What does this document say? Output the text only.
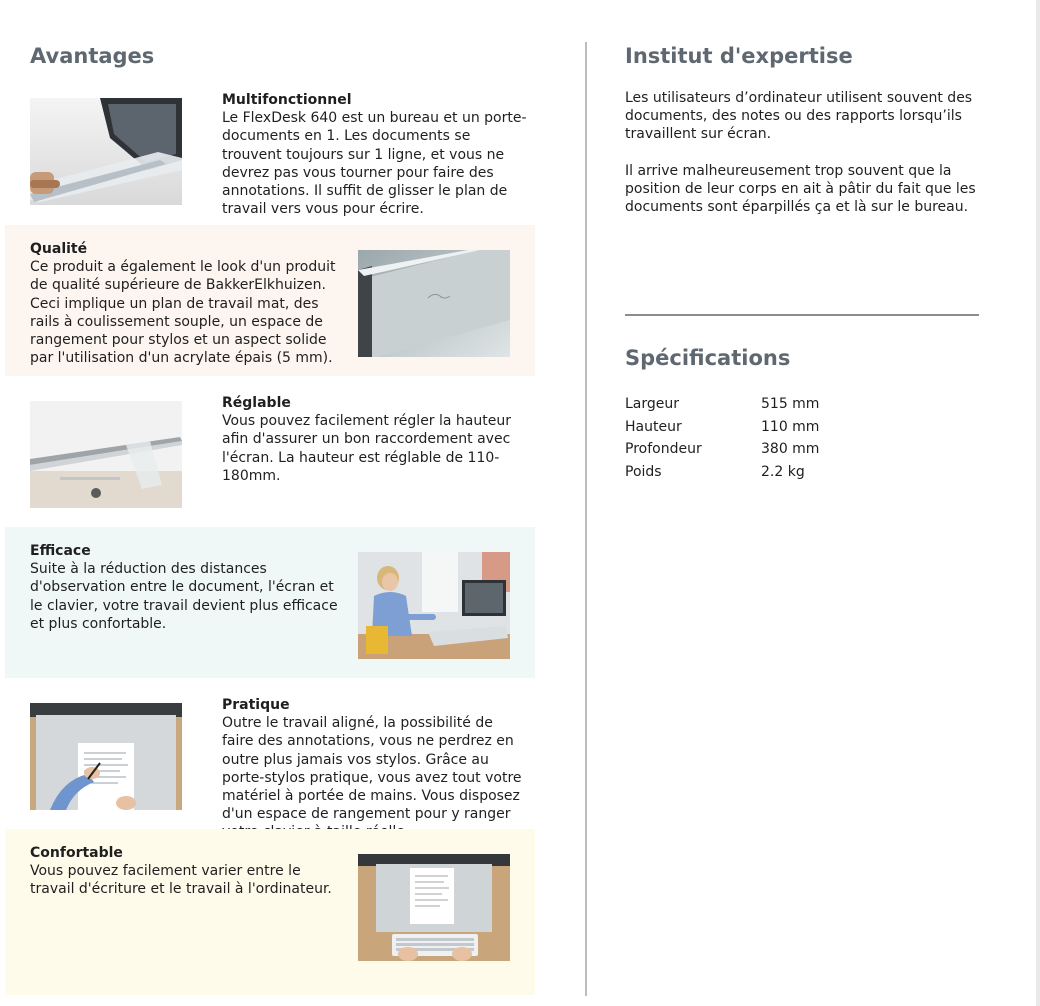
Avantages
Multifonctionnel
Le FlexDesk 640 est un bureau et un porte-documents en 1. Les documents se trouvent toujours sur 1 ligne, et vous ne devrez pas vous tourner pour faire des annotations. Il suffit de glisser le plan de travail vers vous pour écrire.
Qualité
Ce produit a également le look d'un produit de qualité supérieure de BakkerElkhuizen. Ceci implique un plan de travail mat, des rails à coulissement souple, un espace de rangement pour stylos et un aspect solide par l'utilisation d'un acrylate épais (5 mm).
Réglable
Vous pouvez facilement régler la hauteur afin d'assurer un bon raccordement avec l'écran. La hauteur est réglable de 110-180mm.
Efficace
Suite à la réduction des distances d'observation entre le document, l'écran et le clavier, votre travail devient plus efficace et plus confortable.
Pratique
Outre le travail aligné, la possibilité de faire des annotations, vous ne perdrez en outre plus jamais vos stylos. Grâce au porte-stylos pratique, vous avez tout votre matériel à portée de mains. Vous disposez d'un espace de rangement pour y ranger
Confortable
Vous pouvez facilement varier entre le travail d'écriture et le travail à l'ordinateur.
Institut d'expertise

Les utilisateurs d’ordinateur utilisent souvent des documents, des notes ou des rapports lorsqu’ils travaillent sur écran.

Il arrive malheureusement trop souvent que la position de leur corps en ait à pâtir du fait que les documents sont éparpillés ça et là sur le bureau.

Spécifications
Largeur	515 mm
Hauteur	110 mm
Profondeur	380 mm
Poids	2.2 kg
